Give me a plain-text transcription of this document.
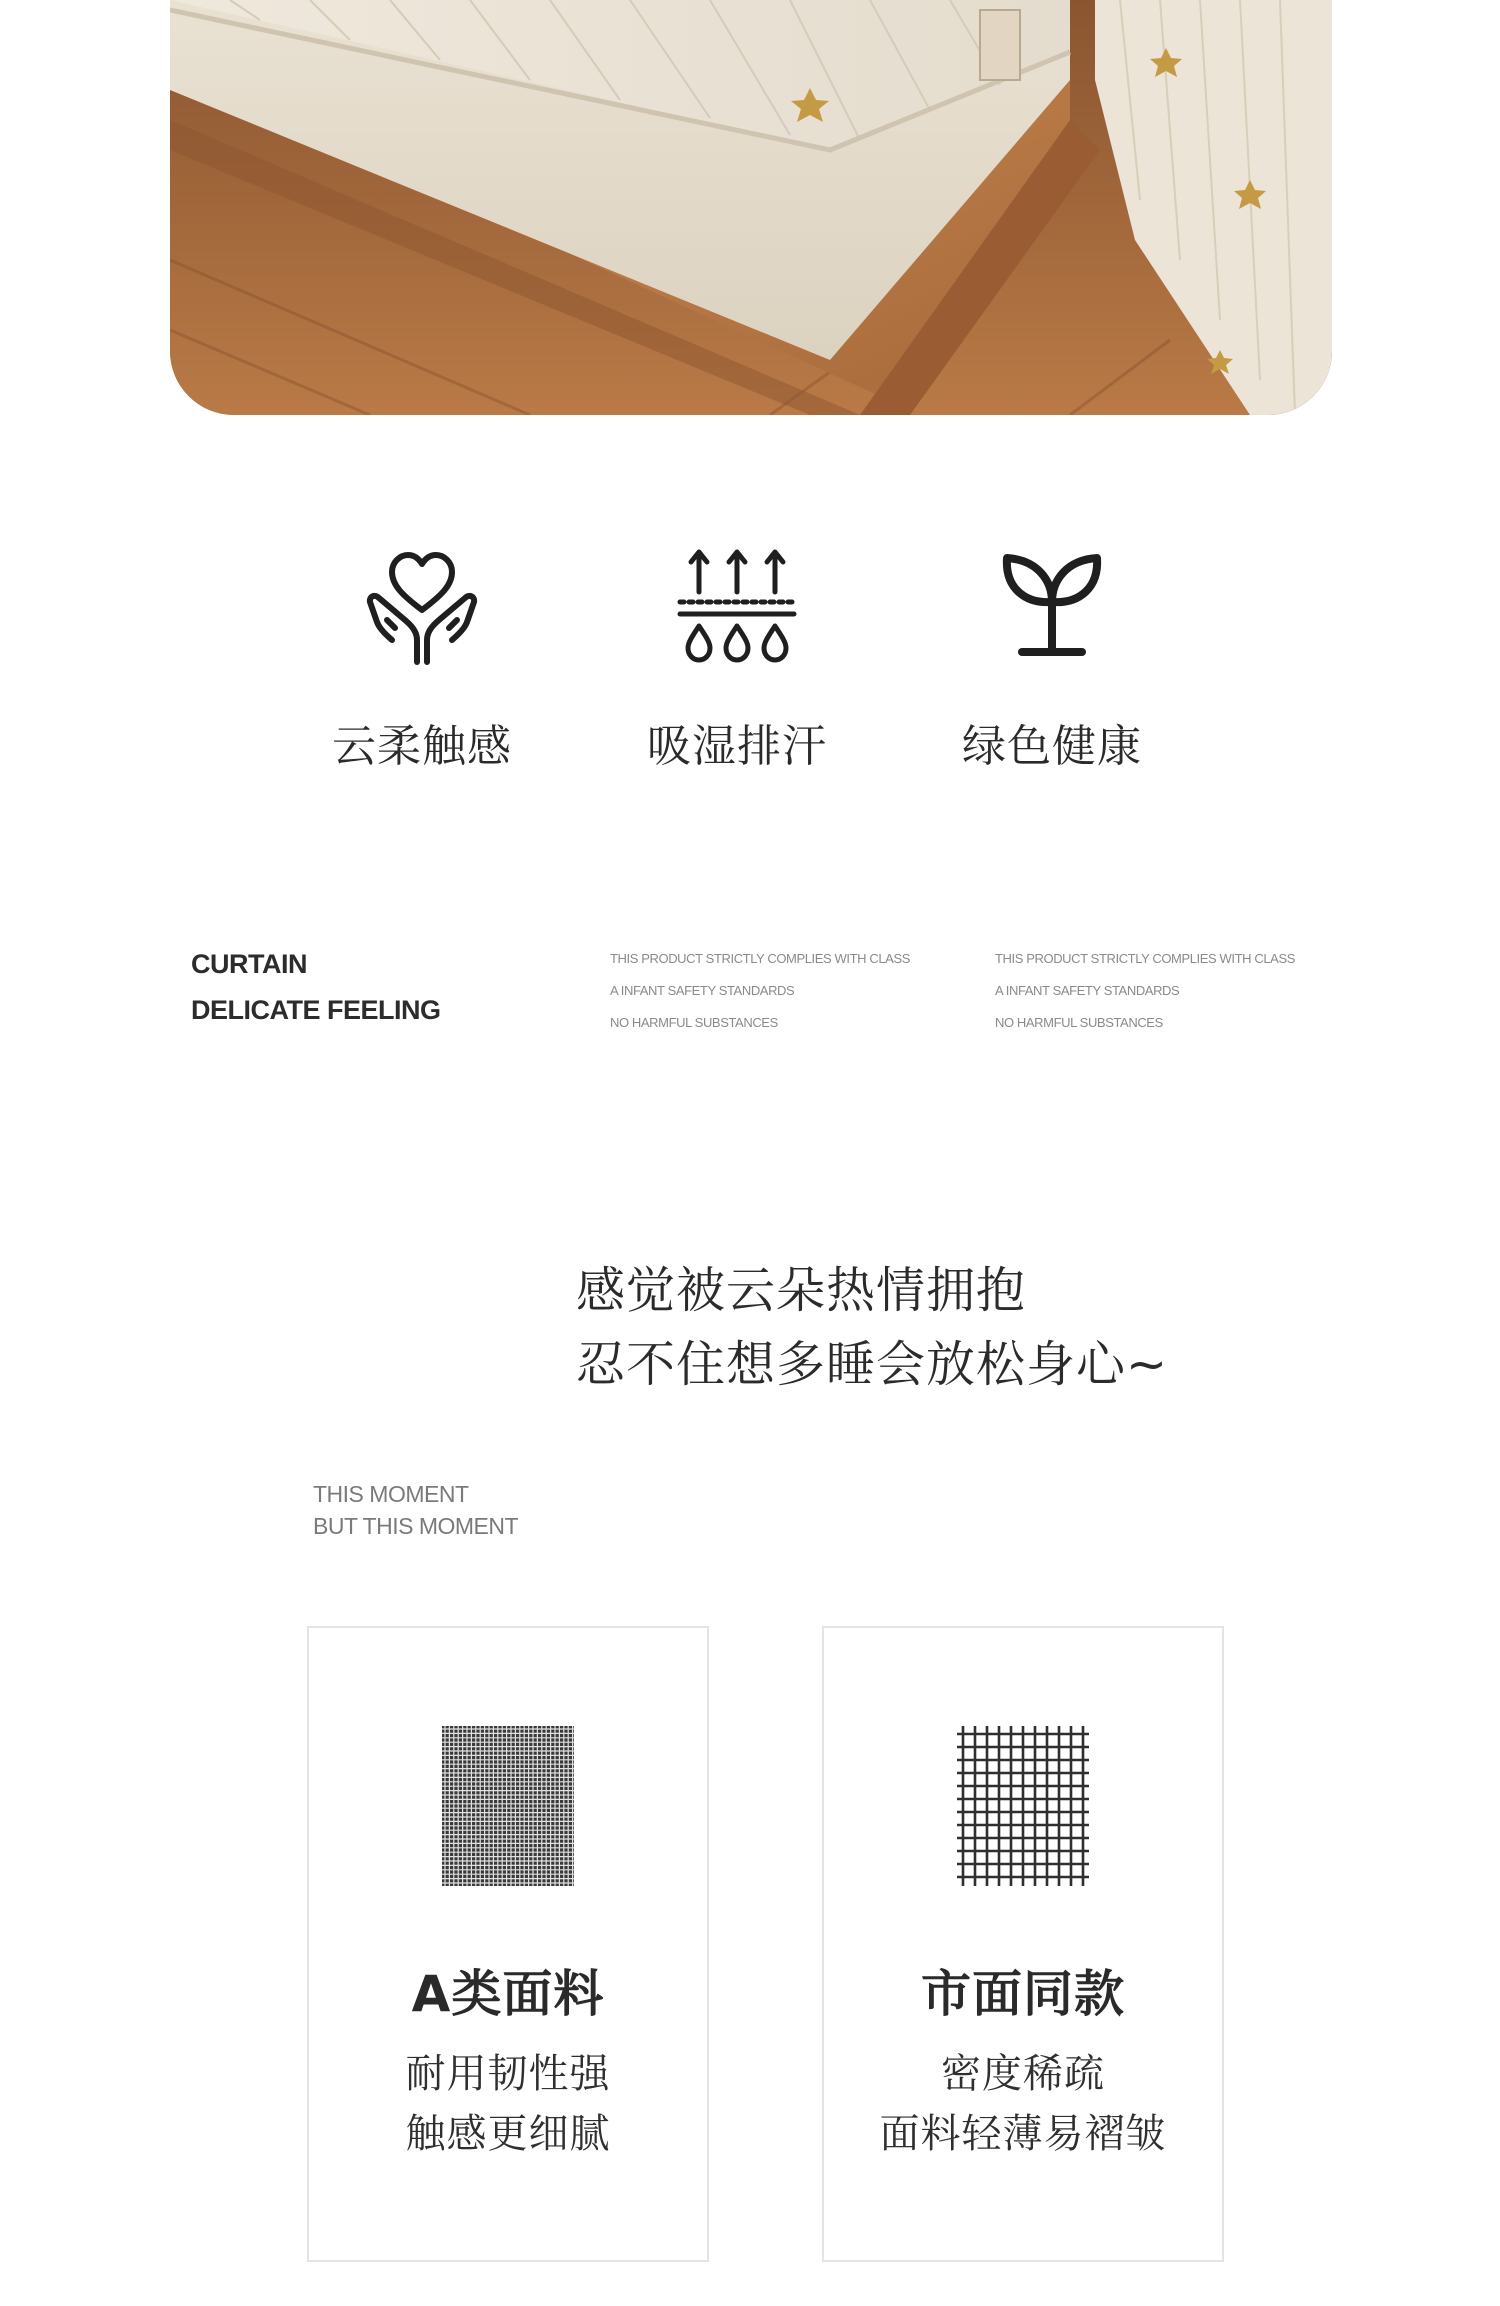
云柔触感	吸湿排汗	绿色健康
CURTAIN
DELICATE FEELING
THIS PRODUCT STRICTLY COMPLIES WITH CLASS
A INFANT SAFETY STANDARDS
NO HARMFUL SUBSTANCES
THIS PRODUCT STRICTLY COMPLIES WITH CLASS
A INFANT SAFETY STANDARDS
NO HARMFUL SUBSTANCES
感觉被云朵热情拥抱
忍不住想多睡会放松身心~
THIS MOMENT
BUT THIS MOMENT
A类面料
耐用韧性强
触感更细腻
市面同款
密度稀疏
面料轻薄易褶皱
